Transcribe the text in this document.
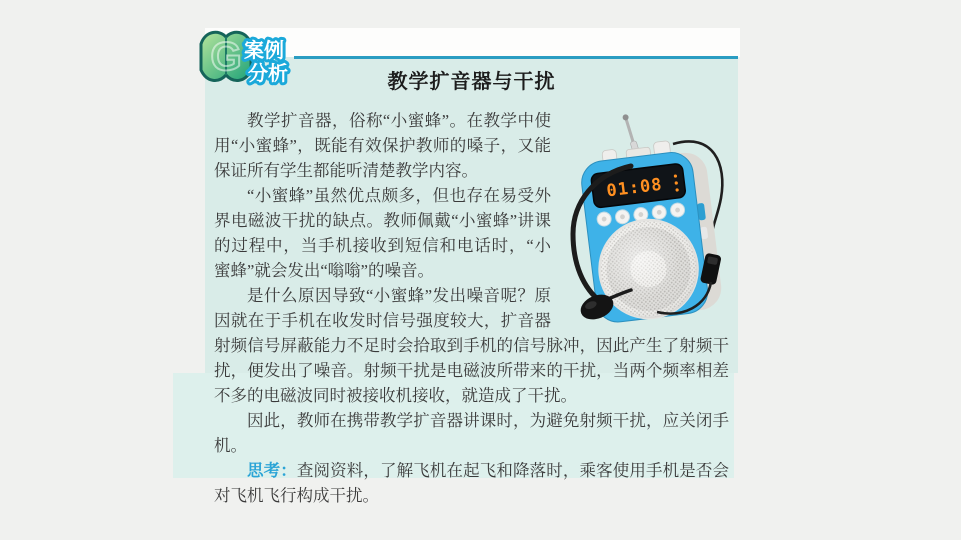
G 案例
分析	教学扩音器与干扰
01:08

教学扩音器，俗称“小蜜蜂”。在教学中使用“小蜜蜂”，既能有效保护教师的嗓子，又能保证所有学生都能听清楚教学内容。

“小蜜蜂”虽然优点颇多，但也存在易受外界电磁波干扰的缺点。教师佩戴“小蜜蜂”讲课的过程中，当手机接收到短信和电话时，“小蜜蜂”就会发出“嗡嗡”的噪音。

是什么原因导致“小蜜蜂”发出噪音呢？原因就在于手机在收发时信号强度较大，扩音器射频信号屏蔽能力不足时会拾取到手机的信号脉冲，因此产生了射频干扰，便发出了噪音。射频干扰是电磁波所带来的干扰，当两个频率相差不多的电磁波同时被接收机接收，就造成了干扰。

因此，教师在携带教学扩音器讲课时，为避免射频干扰，应关闭手机。

思考：查阅资料，了解飞机在起飞和降落时，乘客使用手机是否会对飞机飞行构成干扰。
